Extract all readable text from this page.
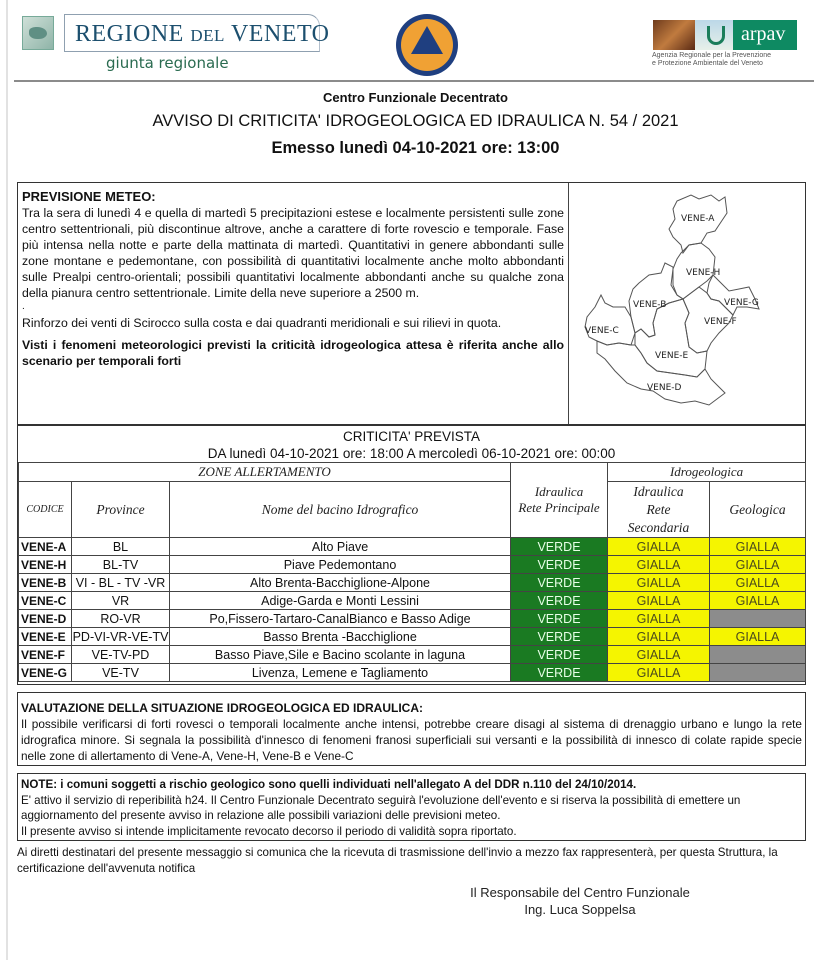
REGIONE DEL VENETO
giunta regionale
arpav
Agenzia Regionale per la Prevenzione
e Protezione Ambientale del Veneto
Centro Funzionale Decentrato
AVVISO DI CRITICITA' IDROGEOLOGICA ED IDRAULICA N. 54 / 2021
Emesso lunedì 04-10-2021 ore: 13:00
PREVISIONE METEO:

Tra la sera di lunedì 4 e quella di martedì 5 precipitazioni estese e localmente persistenti sulle zone centro settentrionali, più discontinue altrove, anche a carattere di forte rovescio e temporale. Fase più intensa nella notte e parte della mattinata di martedì. Quantitativi in genere abbondanti sulle zone montane e pedemontane, con possibilità di quantitativi localmente anche molto abbondanti sulle Prealpi centro-orientali; possibili quantitativi localmente abbondanti anche su qualche zona della pianura centro settentrionale. Limite della neve superiore a 2500 m.

.

Rinforzo dei venti di Scirocco sulla costa e dai quadranti meridionali e sui rilievi in quota.

Visti i fenomeni meteorologici previsti la criticità idrogeologica attesa è riferita anche allo scenario per temporali forti

VENE-A
VENE-H
VENE-B	VENE-G
VENE-F
VENE-C
VENE-E
VENE-D
CRITICITA' PREVISTA
DA lunedì 04-10-2021 ore: 18:00 A mercoledì 06-10-2021 ore: 00:00
ZONE ALLERTAMENTO			Idraulica
Rete Principale	Idrogeologica	
CODICE	Province	Nome del bacino Idrografico		Idraulica
Rete
Secondaria	Geologica
VENE-A	BL	Alto Piave	VERDE	GIALLA	GIALLA
VENE-H	BL-TV	Piave Pedemontano	VERDE	GIALLA	GIALLA
VENE-B	VI - BL - TV -VR	Alto Brenta-Bacchiglione-Alpone	VERDE	GIALLA	GIALLA
VENE-C	VR	Adige-Garda e Monti Lessini	VERDE	GIALLA	GIALLA
VENE-D	RO-VR	Po,Fissero-Tartaro-CanalBianco e Basso Adige	VERDE	GIALLA	
VENE-E	PD-VI-VR-VE-TV	Basso Brenta -Bacchiglione	VERDE	GIALLA	GIALLA
VENE-F	VE-TV-PD	Basso Piave,Sile e Bacino scolante in laguna	VERDE	GIALLA	
VENE-G	VE-TV	Livenza, Lemene e Tagliamento	VERDE	GIALLA	
VALUTAZIONE DELLA SITUAZIONE IDROGEOLOGICA ED IDRAULICA:
Il possibile verificarsi di forti rovesci o temporali localmente anche intensi, potrebbe creare disagi al sistema di drenaggio urbano e lungo la rete idrografica minore. Si segnala la possibilità d'innesco di fenomeni franosi superficiali sui versanti e la possibilità di innesco di colate rapide specie nelle zone di allertamento di Vene-A, Vene-H, Vene-B e Vene-C
NOTE: i comuni soggetti a rischio geologico sono quelli individuati nell'allegato A del DDR n.110 del 24/10/2014.
E' attivo il servizio di reperibilità h24. Il Centro Funzionale Decentrato seguirà l'evoluzione dell'evento e si riserva la possibilità di emettere un aggiornamento del presente avviso in relazione alle possibili variazioni delle previsioni meteo.
Il presente avviso si intende implicitamente revocato decorso il periodo di validità sopra riportato.
Ai diretti destinatari del presente messaggio si comunica che la ricevuta di trasmissione dell'invio a mezzo fax rappresenterà, per questa Struttura, la certificazione dell'avvenuta notifica
Il Responsabile del Centro Funzionale
Ing. Luca Soppelsa
